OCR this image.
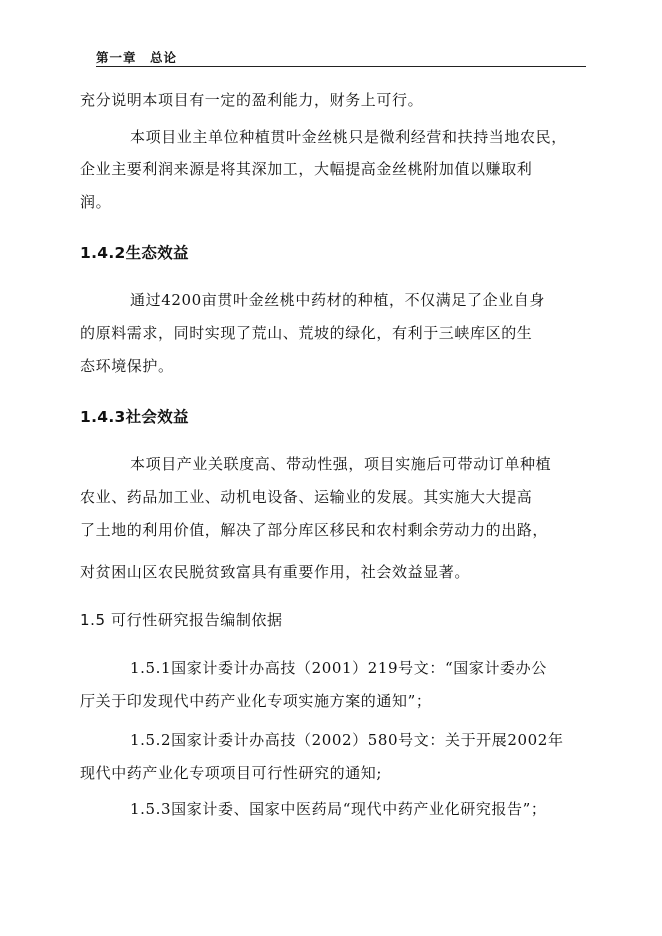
第一章　总论
充分说明本项目有一定的盈利能力，财务上可行。
本项目业主单位种植贯叶金丝桃只是微利经营和扶持当地农民，
企业主要利润来源是将其深加工，大幅提高金丝桃附加值以赚取利
润。
1.4.2生态效益
通过4200亩贯叶金丝桃中药材的种植，不仅满足了企业自身
的原料需求，同时实现了荒山、荒坡的绿化，有利于三峡库区的生
态环境保护。
1.4.3社会效益
本项目产业关联度高、带动性强，项目实施后可带动订单种植
农业、药品加工业、动机电设备、运输业的发展。其实施大大提高
了土地的利用价值，解决了部分库区移民和农村剩余劳动力的出路，
对贫困山区农民脱贫致富具有重要作用，社会效益显著。
1.5 可行性研究报告编制依据
1.5.1国家计委计办高技（2001）219号文：“国家计委办公
厅关于印发现代中药产业化专项实施方案的通知”；
1.5.2国家计委计办高技（2002）580号文：关于开展2002年
现代中药产业化专项项目可行性研究的通知;
1.5.3国家计委、国家中医药局“现代中药产业化研究报告”；
